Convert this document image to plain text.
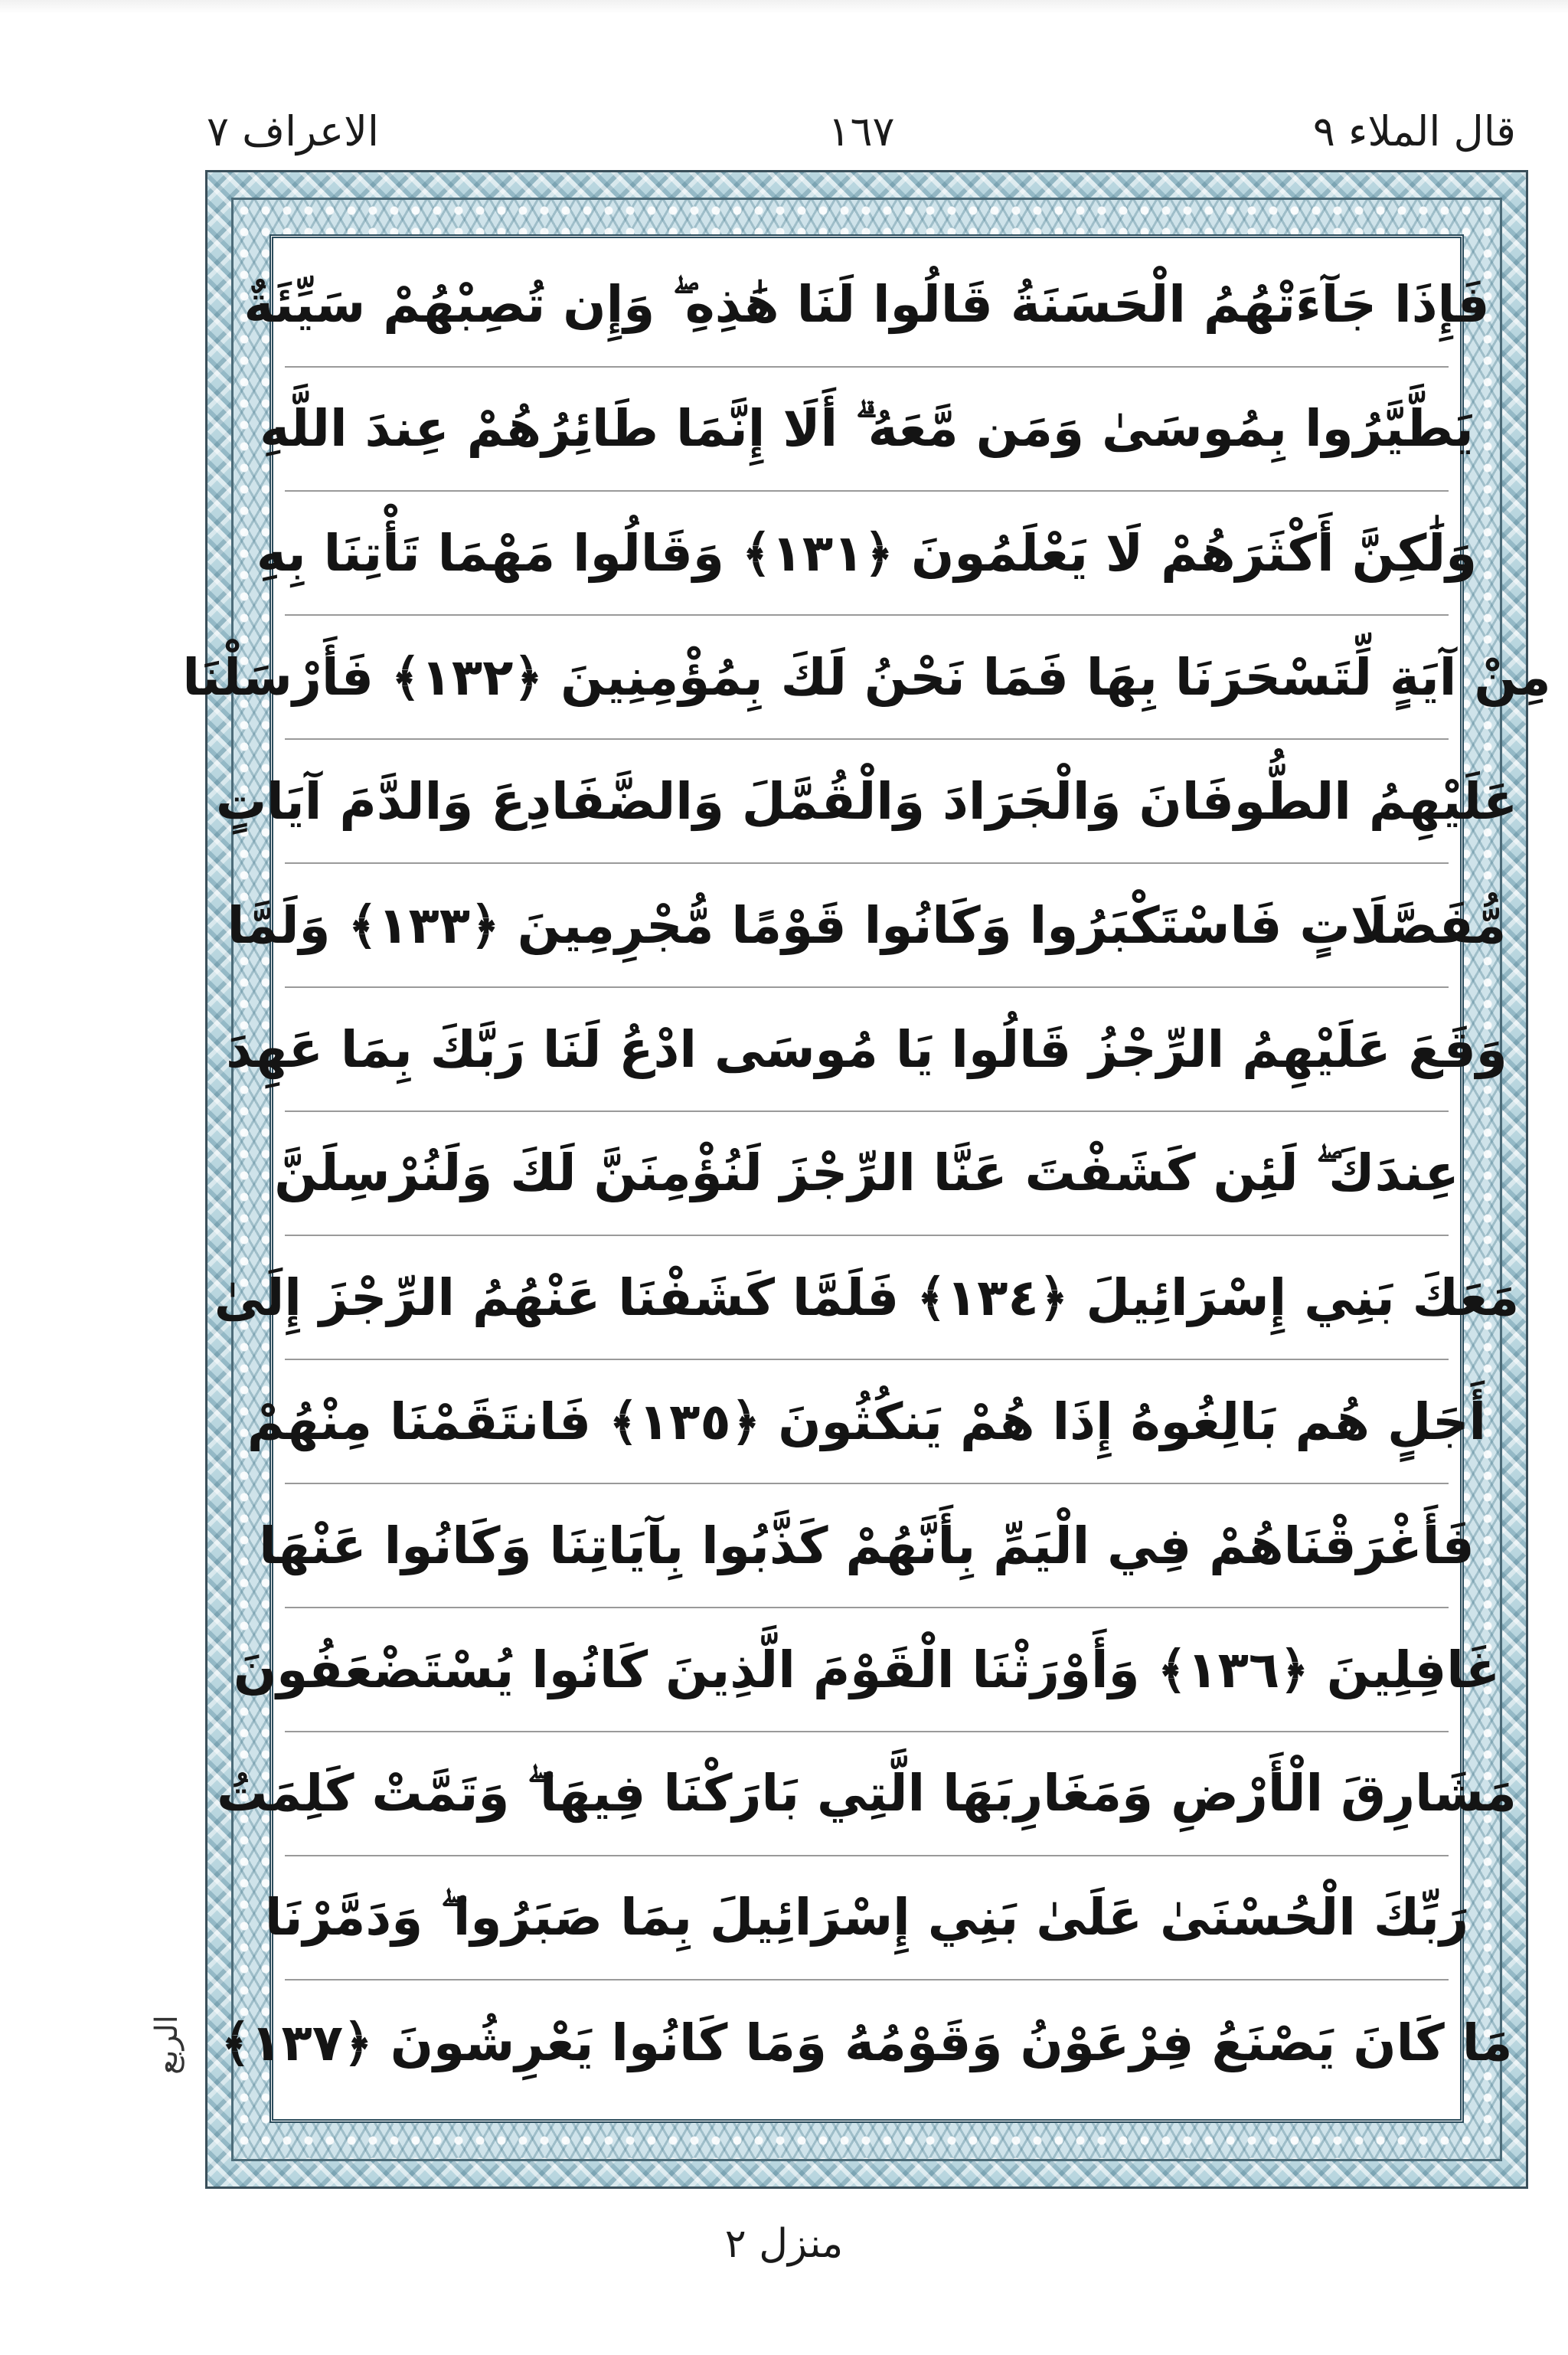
الاعراف ٧	١٦٧	قال الملاء ٩
فَإِذَا جَآءَتْهُمُ الْحَسَنَةُ قَالُوا لَنَا هَٰذِهِ ۖ وَإِن تُصِبْهُمْ سَيِّئَةٌ
يَطَّيَّرُوا بِمُوسَىٰ وَمَن مَّعَهُ ۗ أَلَا إِنَّمَا طَائِرُهُمْ عِندَ اللَّهِ
وَلَٰكِنَّ أَكْثَرَهُمْ لَا يَعْلَمُونَ ﴿١٣١﴾ وَقَالُوا مَهْمَا تَأْتِنَا بِهِ
مِنْ آيَةٍ لِّتَسْحَرَنَا بِهَا فَمَا نَحْنُ لَكَ بِمُؤْمِنِينَ ﴿١٣٢﴾ فَأَرْسَلْنَا
عَلَيْهِمُ الطُّوفَانَ وَالْجَرَادَ وَالْقُمَّلَ وَالضَّفَادِعَ وَالدَّمَ آيَاتٍ
مُّفَصَّلَاتٍ فَاسْتَكْبَرُوا وَكَانُوا قَوْمًا مُّجْرِمِينَ ﴿١٣٣﴾ وَلَمَّا
وَقَعَ عَلَيْهِمُ الرِّجْزُ قَالُوا يَا مُوسَى ادْعُ لَنَا رَبَّكَ بِمَا عَهِدَ
عِندَكَ ۖ لَئِن كَشَفْتَ عَنَّا الرِّجْزَ لَنُؤْمِنَنَّ لَكَ وَلَنُرْسِلَنَّ
مَعَكَ بَنِي إِسْرَائِيلَ ﴿١٣٤﴾ فَلَمَّا كَشَفْنَا عَنْهُمُ الرِّجْزَ إِلَىٰ
أَجَلٍ هُم بَالِغُوهُ إِذَا هُمْ يَنكُثُونَ ﴿١٣٥﴾ فَانتَقَمْنَا مِنْهُمْ
فَأَغْرَقْنَاهُمْ فِي الْيَمِّ بِأَنَّهُمْ كَذَّبُوا بِآيَاتِنَا وَكَانُوا عَنْهَا
غَافِلِينَ ﴿١٣٦﴾ وَأَوْرَثْنَا الْقَوْمَ الَّذِينَ كَانُوا يُسْتَضْعَفُونَ
مَشَارِقَ الْأَرْضِ وَمَغَارِبَهَا الَّتِي بَارَكْنَا فِيهَا ۖ وَتَمَّتْ كَلِمَتُ
رَبِّكَ الْحُسْنَىٰ عَلَىٰ بَنِي إِسْرَائِيلَ بِمَا صَبَرُوا ۖ وَدَمَّرْنَا
مَا كَانَ يَصْنَعُ فِرْعَوْنُ وَقَوْمُهُ وَمَا كَانُوا يَعْرِشُونَ ﴿١٣٧﴾
الربع
منزل ٢
